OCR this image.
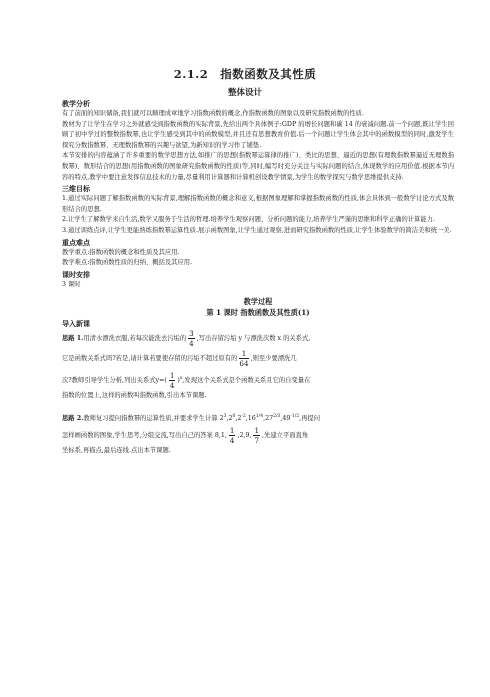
2.1.2　指数函数及其性质
整体设计
教学分析

有了前面的知识储备,我们就可以顺理成章地学习指数函数的概念,作指数函数的图象以及研究指数函数的性质.

教材为了让学生在学习之外就感受到指数函数的实际背景,先给出两个具体例子:GDP 的增长问题和碳 14 的衰减问题.前一个问题,既让学生回顾了初中学过的整数指数幂,也让学生感受到其中的函数模型,并且还有思想教育价值.后一个问题让学生体会其中的函数模型的同时,激发学生探究分数指数幂、无理数指数幂的兴趣与欲望,为新知识的学习作了铺垫.

本节安排的内容蕴涵了许多重要的数学思想方法,如推广的思想(指数幂运算律的推广)、类比的思想、逼近的思想(有理数指数幂逼近无理数指数幂)、数形结合的思想(用指数函数的图象研究指数函数的性质)等,同时,编写时充分关注与实际问题的结合,体现数学的应用价值.根据本节内容的特点,教学中要注意发挥信息技术的力量,尽量利用计算器和计算机创设教学情景,为学生的数学探究与数学思维提供支持.

三维目标

1.通过实际问题了解指数函数的实际背景,理解指数函数的概念和意义,根据图象理解和掌握指数函数的性质,体会具体到一般数学讨论方式及数形结合的思想.

2.让学生了解数学来自生活,数学又服务于生活的哲理.培养学生观察问题、分析问题的能力,培养学生严谨的思维和科学正确的计算能力.

3.通过训练点评,让学生更能熟练指数幂运算性质.展示函数图象,让学生通过观察,进而研究指数函数的性质,让学生体验数学的简洁美和统一美.

重点难点

教学重点:指数函数的概念和性质及其应用.

教学难点:指数函数性质的归纳、概括及其应用.

课时安排

3 课时

教学过程
第 1 课时 指数函数及其性质(1)
导入新课
思路 1.用清水漂洗衣服,若每次能洗去污垢的 $\frac{3}{4}$ ,写出存留污垢 y 与漂洗次数 x 的关系式,
它是函数关系式吗?若是,请计算若要使存留的污垢不超过原有的 $\frac{1}{64}$ ,则至少要漂洗几
次?教师引导学生分析,列出关系式$y=( \frac{1}{4} )^x$,发现这个关系式是个函数关系且它的自变量在
指数的位置上,这样的函数叫指数函数,引出本节课题.
思路 2.教师复习提问指数幂的运算性质,并要求学生计算 $2^3,2^0,2^{-2},16^{1/4},27^{2/3},49^{-1/2}$,再提问
怎样画函数的图象,学生思考,分组交流,写出自己的答案 8,1, $\frac{1}{4} ,2,9$, $\frac{1}{7}$ ,先建立平面直角
坐标系,再描点,最后连线.点出本节课题.
